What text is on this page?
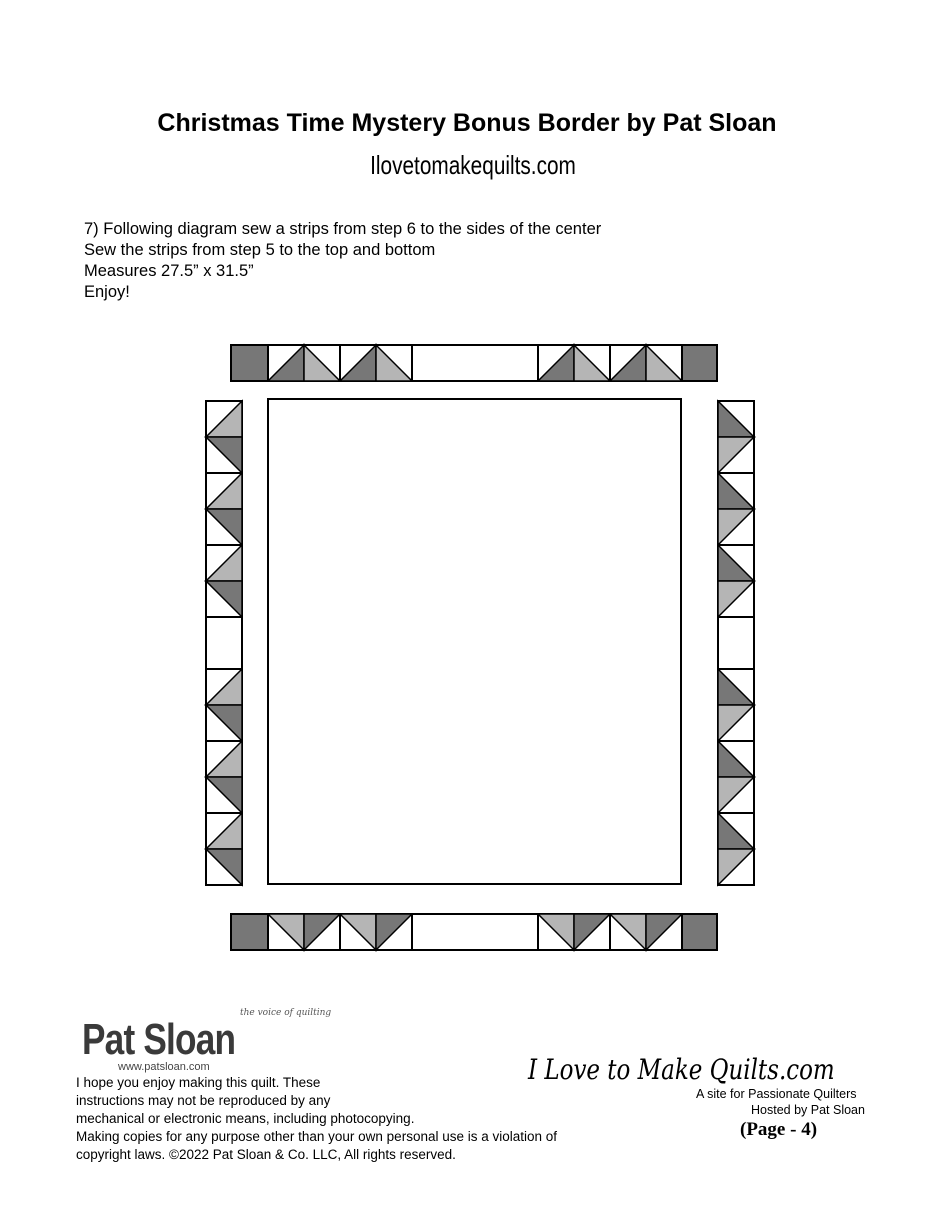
Christmas Time Mystery Bonus Border by Pat Sloan
Ilovetomakequilts.com
7) Following diagram sew a strips from step 6 to the sides of the center
Sew the strips from step 5 to the top and bottom
Measures 27.5” x 31.5”
Enjoy!
Pat Sloan
the voice of quilting
www.patsloan.com
I hope you enjoy making this quilt. These
instructions may not be reproduced by any
mechanical or electronic means, including photocopying.
Making copies for any purpose other than your own personal use is a violation of
copyright laws. ©2022 Pat Sloan & Co. LLC, All rights reserved.
I Love to Make Quilts.com
A site for Passionate Quilters
Hosted by Pat Sloan
(Page - 4)
